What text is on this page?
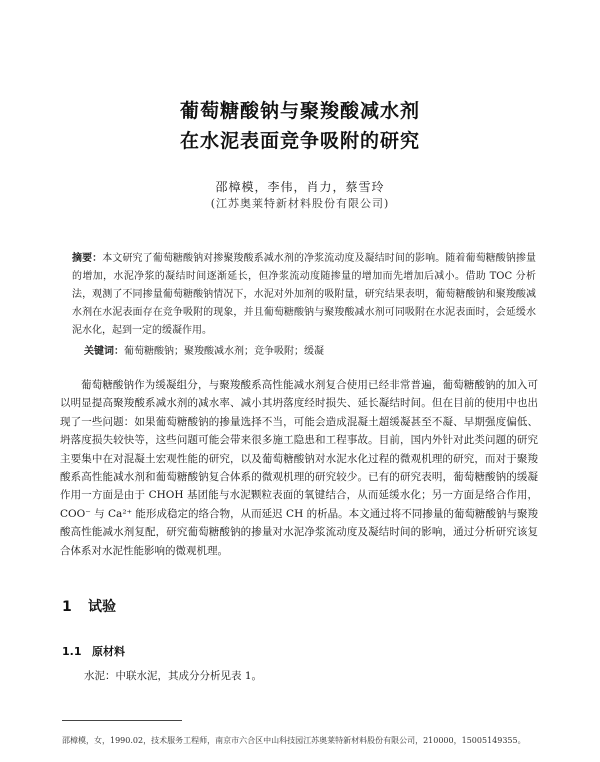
葡萄糖酸钠与聚羧酸减水剂
在水泥表面竞争吸附的研究
邵樟模，李伟，肖力，蔡雪玲
(江苏奥莱特新材料股份有限公司)
摘要：本文研究了葡萄糖酸钠对掺聚羧酸系减水剂的净浆流动度及凝结时间的影响。随着葡萄糖酸钠掺量的增加，水泥净浆的凝结时间逐渐延长，但净浆流动度随掺量的增加而先增加后减小。借助 TOC 分析法，观测了不同掺量葡萄糖酸钠情况下，水泥对外加剂的吸附量，研究结果表明，葡萄糖酸钠和聚羧酸减水剂在水泥表面存在竞争吸附的现象，并且葡萄糖酸钠与聚羧酸减水剂可同吸附在水泥表面时，会延缓水泥水化，起到一定的缓凝作用。
关键词：葡萄糖酸钠；聚羧酸减水剂；竞争吸附；缓凝
葡萄糖酸钠作为缓凝组分，与聚羧酸系高性能减水剂复合使用已经非常普遍，葡萄糖酸钠的加入可以明显提高聚羧酸系减水剂的减水率、减小其坍落度经时损失、延长凝结时间。但在目前的使用中也出现了一些问题：如果葡萄糖酸钠的掺量选择不当，可能会造成混凝土超缓凝甚至不凝、早期强度偏低、坍落度损失较快等，这些问题可能会带来很多施工隐患和工程事故。目前，国内外针对此类问题的研究主要集中在对混凝土宏观性能的研究，以及葡萄糖酸钠对水泥水化过程的微观机理的研究，而对于聚羧酸系高性能减水剂和葡萄糖酸钠复合体系的微观机理的研究较少。已有的研究表明，葡萄糖酸钠的缓凝作用一方面是由于 CHOH 基团能与水泥颗粒表面的氧键结合，从而延缓水化；另一方面是络合作用，COO⁻ 与 Ca²⁺ 能形成稳定的络合物，从而延迟 CH 的析晶。本文通过将不同掺量的葡萄糖酸钠与聚羧酸高性能减水剂复配，研究葡萄糖酸钠的掺量对水泥净浆流动度及凝结时间的影响，通过分析研究该复合体系对水泥性能影响的微观机理。
1 试验
1.1 原材料
水泥：中联水泥，其成分分析见表 1。
邵樟模，女，1990.02，技术服务工程师，南京市六合区中山科技园江苏奥莱特新材料股份有限公司，210000，15005149355。
